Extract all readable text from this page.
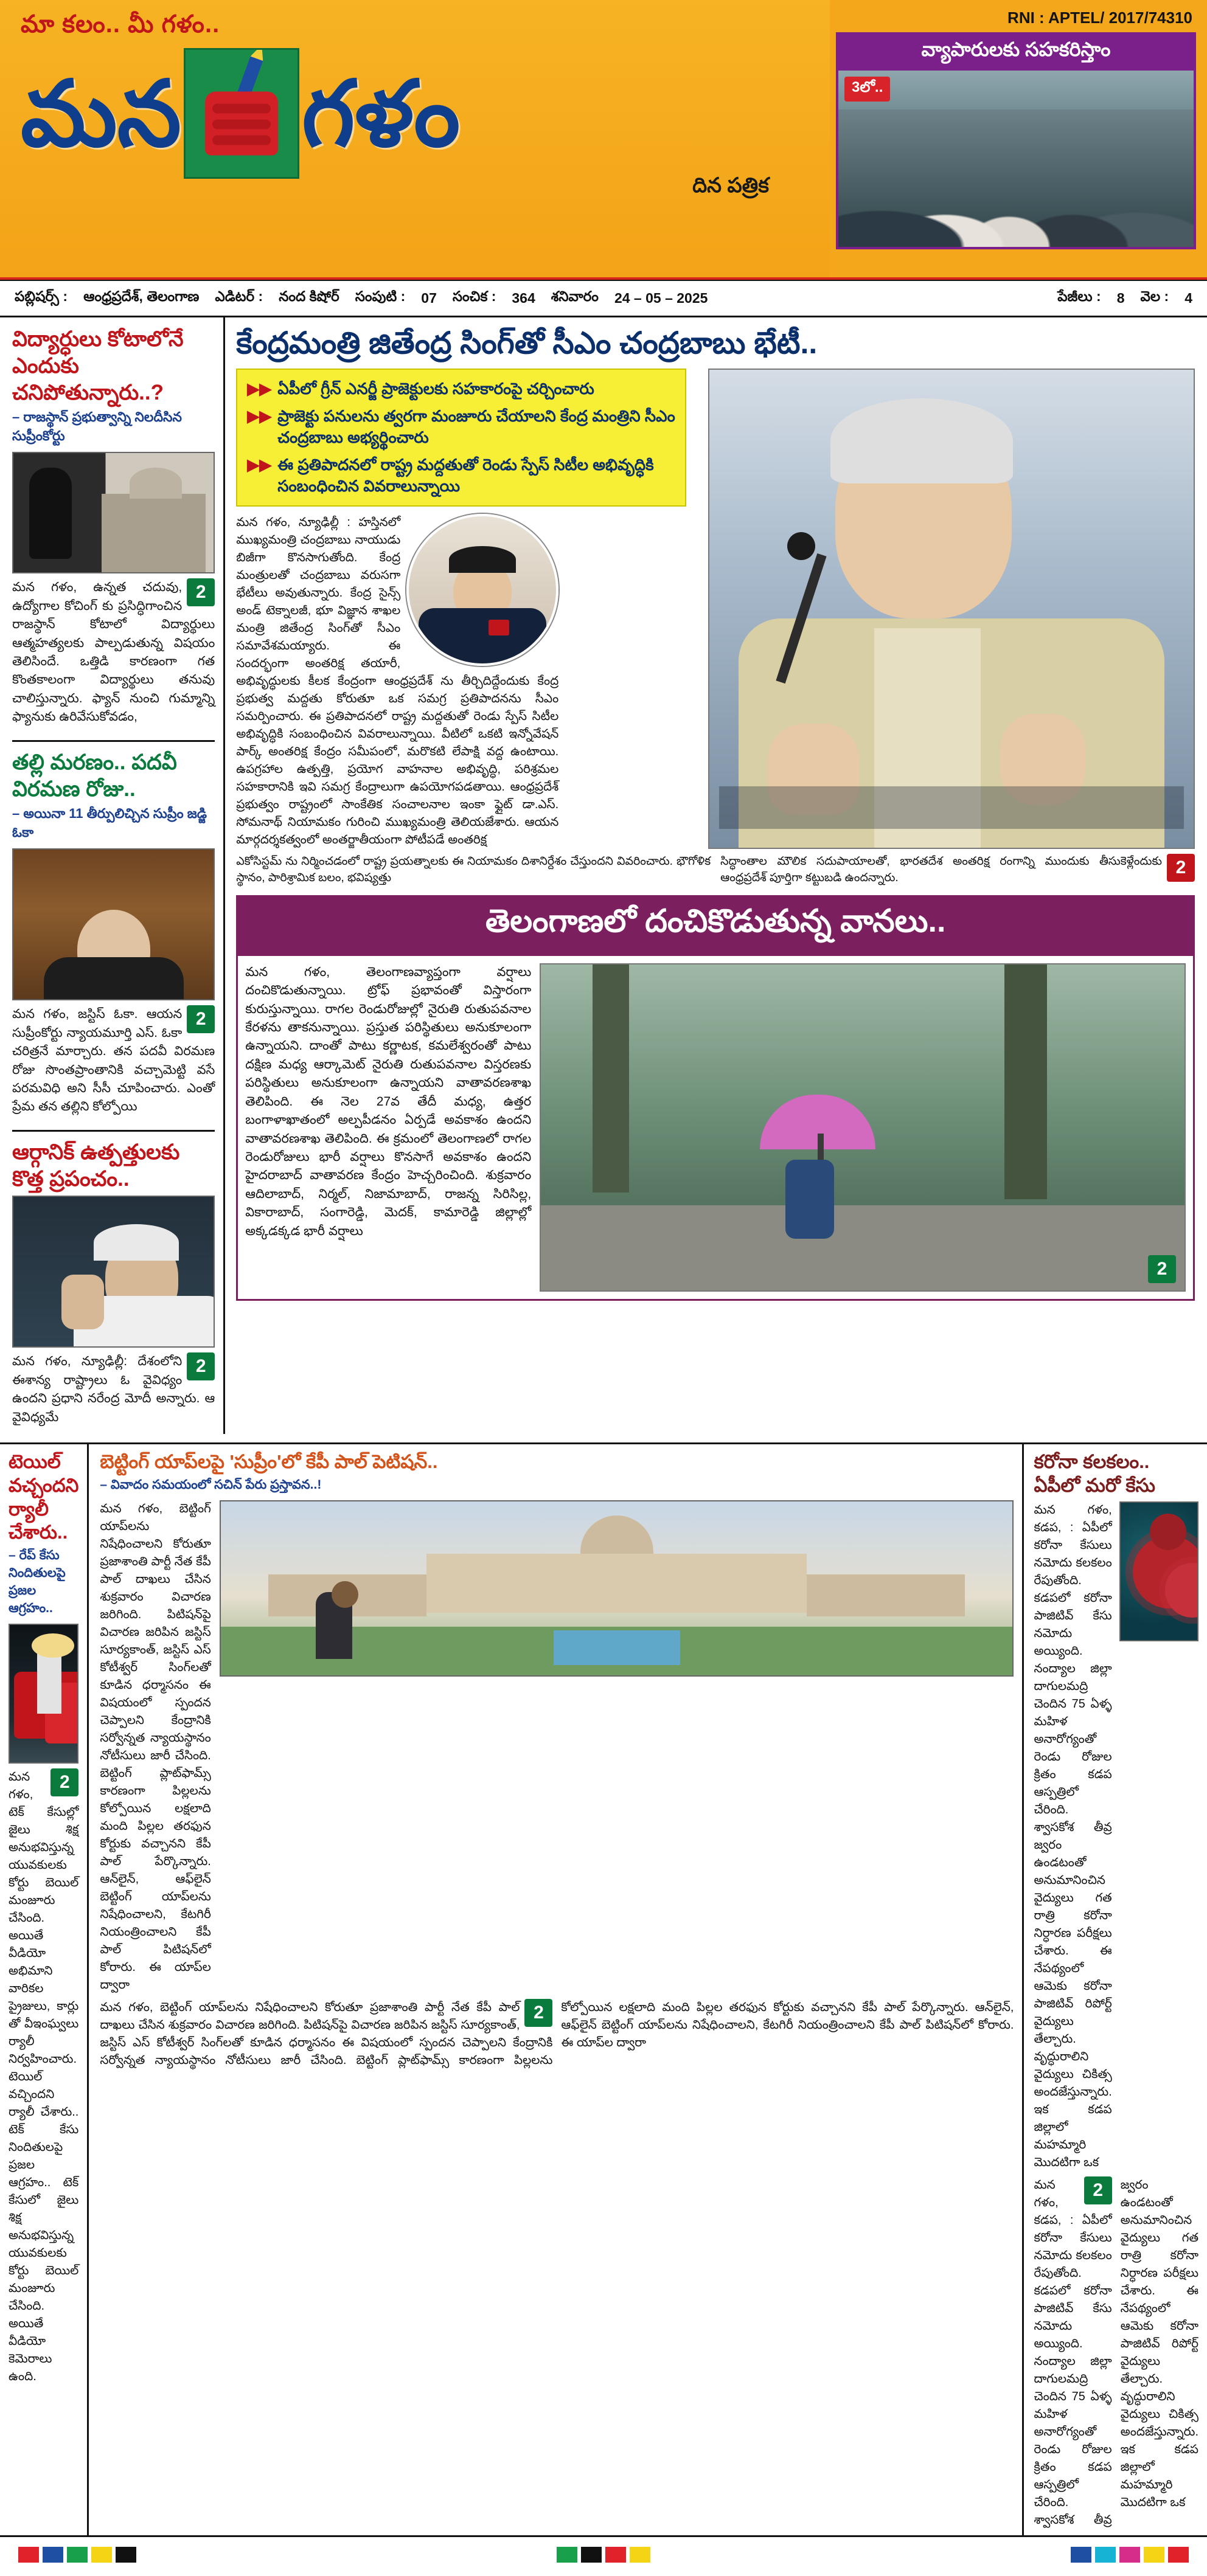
మా కలం.. మీ గళం..
మన గళం
దిన పత్రిక
RNI : APTEL/ 2017/74310
వ్యాపారులకు సహకరిస్తాం
3లో..
పబ్లిషర్స్ : ఆంధ్రప్రదేశ్, తెలంగాణ ఎడిటర్ : నంద కిషోర్ సంపుటి : 07 సంచిక : 364 శనివారం 24 – 05 – 2025	పేజీలు : 8 వెల : 4
విద్యార్ధులు కోటాలోనే ఎందుకు చనిపోతున్నారు..?
– రాజస్థాన్ ప్రభుత్వాన్ని నిలదీసిన సుప్రీంకోర్టు
2
మన గళం, ఉన్నత చదువు, ఉద్యోగాల కోచింగ్ కు ప్రసిద్ధిగాంచిన రాజస్థాన్ కోటాలో విద్యార్థులు ఆత్మహత్యలకు పాల్పడుతున్న విషయం తెలిసిందే. ఒత్తిడి కారణంగా గత కొంతకాలంగా విద్యార్థులు తనువు చాలిస్తున్నారు. ఫ్యాన్ నుంచి గుమ్మాన్ని ఫ్యానుకు ఉరివేసుకోవడం,
తల్లి మరణం.. పదవీ విరమణ రోజు..
– అయినా 11 తీర్పులిచ్చిన సుప్రీం జడ్జి ఓకా
2
మన గళం, జస్టిస్ ఓకా. ఆయన సుప్రీంకోర్టు న్యాయమూర్తి ఎస్. ఓకా చరిత్రనే మార్చారు. తన పదవీ విరమణ రోజు సొంతప్రాంతానికి వచ్చామెట్టి వసే పరమవిధి అని సీసీ చూపించారు. ఎంతో ప్రేమ తన తల్లిని కోల్పోయి
ఆర్గానిక్ ఉత్పత్తులకు కొత్త ప్రపంచం..
2
మన గళం, న్యూఢిల్లీ: దేశంలోని ఈశాన్య రాష్ట్రాలు ఓ వైవిధ్యం ఉందని ప్రధాని నరేంద్ర మోదీ అన్నారు. ఆ వైవిధ్యమే
కేంద్రమంత్రి జితేంద్ర సింగ్‌తో సీఎం చంద్రబాబు భేటీ..
▶▶ ఏపీలో గ్రీన్ ఎనర్జీ ప్రాజెక్టులకు సహకారంపై చర్చించారు
▶▶ ప్రాజెక్టు పనులను త్వరగా మంజూరు చేయాలని కేంద్ర మంత్రిని సీఎం చంద్రబాబు అభ్యర్థించారు
▶▶ ఈ ప్రతిపాదనలో రాష్ట్ర మద్దతుతో రెండు స్పేస్ సిటీల అభివృద్ధికి సంబంధించిన వివరాలున్నాయి
మన గళం, న్యూఢిల్లీ : హస్తినలో ముఖ్యమంత్రి చంద్రబాబు నాయుడు బిజీగా కొనసాగుతోంది. కేంద్ర మంత్రులతో చంద్రబాబు వరుసగా భేటీలు అవుతున్నారు. కేంద్ర సైన్స్ అండ్ టెక్నాలజీ, భూ విజ్ఞాన శాఖల మంత్రి జితేంద్ర సింగ్‌తో సీఎం సమావేశమయ్యారు. ఈ సందర్భంగా అంతరిక్ష తయారీ, అభివృద్ధులకు కీలక కేంద్రంగా ఆంధ్రప్రదేశ్ ను తీర్చిదిద్దేందుకు కేంద్ర ప్రభుత్వ మద్దతు కోరుతూ ఒక సమగ్ర ప్రతిపాదనను సీఎం సమర్పించారు. ఈ ప్రతిపాదనలో రాష్ట్ర మద్దతుతో రెండు స్పేస్ సిటీల అభివృద్ధికి సంబంధించిన వివరాలున్నాయి. వీటిలో ఒకటి ఇన్నోవేషన్ పార్క్ అంతరిక్ష కేంద్రం సమీపంలో, మరొకటి లేపాక్షి వద్ద ఉంటాయి. ఉపగ్రహాల ఉత్పత్తి, ప్రయోగ వాహనాల అభివృద్ధి, పరిశ్రమల సహకారానికి ఇవి సమగ్ర కేంద్రాలుగా ఉపయోగపడతాయి. ఆంధ్రప్రదేశ్ ప్రభుత్వం రాష్ట్రంలో సాంకేతిక సంచాలనాల ఇంకా ఫ్లైట్ డా.ఎస్. సోమనాథ్ నియామకం గురించి ముఖ్యమంత్రి తెలియజేశారు. ఆయన మార్గదర్శకత్వంలో అంతర్జాతీయంగా పోటీపడే అంతరిక్ష
ఎకోసిస్టమ్ ను నిర్మించడంలో రాష్ట్ర ప్రయత్నాలకు ఈ నియామకం దిశానిర్దేశం చేస్తుందని వివరించారు. భౌగోళిక స్థానం, పారిశ్రామిక బలం, భవిష్యత్తు
2
సిద్ధాంతాల మౌలిక సదుపాయాలతో, భారతదేశ అంతరిక్ష రంగాన్ని ముందుకు తీసుకెళ్లేందుకు ఆంధ్రప్రదేశ్ పూర్తిగా కట్టుబడి ఉందన్నారు.
తెలంగాణలో దంచికొడుతున్న వానలు..
మన గళం, తెలంగాణవ్యాప్తంగా వర్షాలు దంచికొడుతున్నాయి. ట్రోఫ్ ప్రభావంతో విస్తారంగా కురుస్తున్నాయి. రాగల రెండురోజుల్లో నైరుతి రుతుపవనాల కేరళను తాకనున్నాయి. ప్రస్తుత పరిస్థితులు అనుకూలంగా ఉన్నాయని. దాంతో పాటు కర్ణాటక, కమలేశ్వరంతో పాటు దక్షిణ మధ్య ఆర్కామెట్ నైరుతి రుతుపవనాల విస్తరణకు పరిస్థితులు అనుకూలంగా ఉన్నాయని వాతావరణశాఖ తెలిపింది. ఈ నెల 27వ తేదీ మధ్య, ఉత్తర బంగాళాఖాతంలో అల్పపీడనం ఏర్పడే అవకాశం ఉందని వాతావరణశాఖ తెలిపింది. ఈ క్రమంలో తెలంగాణలో రాగల రెండురోజులు భారీ వర్షాలు కొనసాగే అవకాశం ఉందని హైదరాబాద్ వాతావరణ కేంద్రం హెచ్చరించింది. శుక్రవారం ఆదిలాబాద్, నిర్మల్, నిజామాబాద్, రాజన్న సిరిసిల్ల, వికారాబాద్, సంగారెడ్డి, మెదక్, కామారెడ్డి జిల్లాల్లో అక్కడక్కడ భారీ వర్షాలు
2
టెయిల్ వచ్చందని ర్యాలీ చేశారు..
– రేప్ కేసు నిందితులపై ప్రజల ఆగ్రహం..
2
మన గళం, టెక్ కేసుల్లో జైలు శిక్ష అనుభవిస్తున్న యువకులకు కోర్టు బెయిల్ మంజూరు చేసింది. అయితే వీడియో అభిమాని వారికల ప్రైజులు, కార్లు తో వీఇంఘ్వలు ర్యాలీ నిర్వహించారు. టెయిల్ వచ్చిందని ర్యాలీ చేశారు.. టెక్ కేసు నిందితులపై ప్రజల ఆగ్రహం.. టెక్ కేసులో జైలు శిక్ష అనుభవిస్తున్న యువకులకు కోర్టు బెయిల్ మంజూరు చేసింది. అయితే వీడియో కెమెరాలు ఉంది.
బెట్టింగ్ యాప్‌లపై 'సుప్రీం'లో కేపీ పాల్ పెటిషన్..
– వివాదం సమయంలో సచిన్ పేరు ప్రస్తావన..!
మన గళం, బెట్టింగ్ యాప్‌లను నిషేధించాలని కోరుతూ ప్రజాశాంతి పార్టీ నేత కేపీ పాల్ దాఖలు చేసిన శుక్రవారం విచారణ జరిగింది. పిటిషన్‌పై విచారణ జరిపిన జస్టిస్ సూర్యకాంత్, జస్టిస్ ఎస్ కోటీశ్వర్ సింగ్‌లతో కూడిన ధర్మాసనం ఈ విషయంలో స్పందన చెప్పాలని కేంద్రానికి సర్వోన్నత న్యాయస్థానం నోటీసులు జారీ చేసింది. బెట్టింగ్ ప్లాట్‌ఫామ్స్ కారణంగా పిల్లలను కోల్పోయిన లక్షలాది మంది పిల్లల తరఫున కోర్టుకు వచ్చానని కేపీ పాల్ పేర్కొన్నారు. ఆన్‌లైన్, ఆఫ్‌లైన్ బెట్టింగ్ యాప్‌లను నిషేధించాలని, కేటగిరీ నియంత్రించాలని కేపీ పాల్ పిటిషన్‌లో కోరారు. ఈ యాప్‌ల ద్వారా
2
మన గళం, బెట్టింగ్ యాప్‌లను నిషేధించాలని కోరుతూ ప్రజాశాంతి పార్టీ నేత కేపీ పాల్ దాఖలు చేసిన శుక్రవారం విచారణ జరిగింది. పిటిషన్‌పై విచారణ జరిపిన జస్టిస్ సూర్యకాంత్, జస్టిస్ ఎస్ కోటీశ్వర్ సింగ్‌లతో కూడిన ధర్మాసనం ఈ విషయంలో స్పందన చెప్పాలని కేంద్రానికి సర్వోన్నత న్యాయస్థానం నోటీసులు జారీ చేసింది. బెట్టింగ్ ప్లాట్‌ఫామ్స్ కారణంగా పిల్లలను కోల్పోయిన లక్షలాది మంది పిల్లల తరఫున కోర్టుకు వచ్చానని కేపీ పాల్ పేర్కొన్నారు. ఆన్‌లైన్, ఆఫ్‌లైన్ బెట్టింగ్ యాప్‌లను నిషేధించాలని, కేటగిరీ నియంత్రించాలని కేపీ పాల్ పిటిషన్‌లో కోరారు. ఈ యాప్‌ల ద్వారా
కరోనా కలకలం.. ఏపీలో మరో కేసు
మన గళం, కడప, : ఏపీలో కరోనా కేసులు నమోదు కలకలం రేపుతోంది. కడపలో కరోనా పాజిటివ్ కేసు నమోదు అయ్యింది. నంద్యాల జిల్లా దాగులమద్రి చెందిన 75 ఏళ్ళ మహిళ అనారోగ్యంతో రెండు రోజుల క్రితం కడప ఆస్పత్రిలో చేరింది. శ్వాసకోశ తీవ్ర జ్వరం ఉండటంతో అనుమానించిన వైద్యులు గత రాత్రి కరోనా నిర్ధారణ పరీక్షలు చేశారు. ఈ నేపథ్యంలో ఆమెకు కరోనా పాజిటివ్ రిపోర్ట్ వైద్యులు తేల్చారు. వృద్ధురాలిని వైద్యులు చికిత్స అందజేస్తున్నారు. ఇక కడప జిల్లాలో మహమ్మారి మొదటిగా ఒక
2
మన గళం, కడప, : ఏపీలో కరోనా కేసులు నమోదు కలకలం రేపుతోంది. కడపలో కరోనా పాజిటివ్ కేసు నమోదు అయ్యింది. నంద్యాల జిల్లా దాగులమద్రి చెందిన 75 ఏళ్ళ మహిళ అనారోగ్యంతో రెండు రోజుల క్రితం కడప ఆస్పత్రిలో చేరింది. శ్వాసకోశ తీవ్ర జ్వరం ఉండటంతో అనుమానించిన వైద్యులు గత రాత్రి కరోనా నిర్ధారణ పరీక్షలు చేశారు. ఈ నేపథ్యంలో ఆమెకు కరోనా పాజిటివ్ రిపోర్ట్ వైద్యులు తేల్చారు. వృద్ధురాలిని వైద్యులు చికిత్స అందజేస్తున్నారు. ఇక కడప జిల్లాలో మహమ్మారి మొదటిగా ఒక
